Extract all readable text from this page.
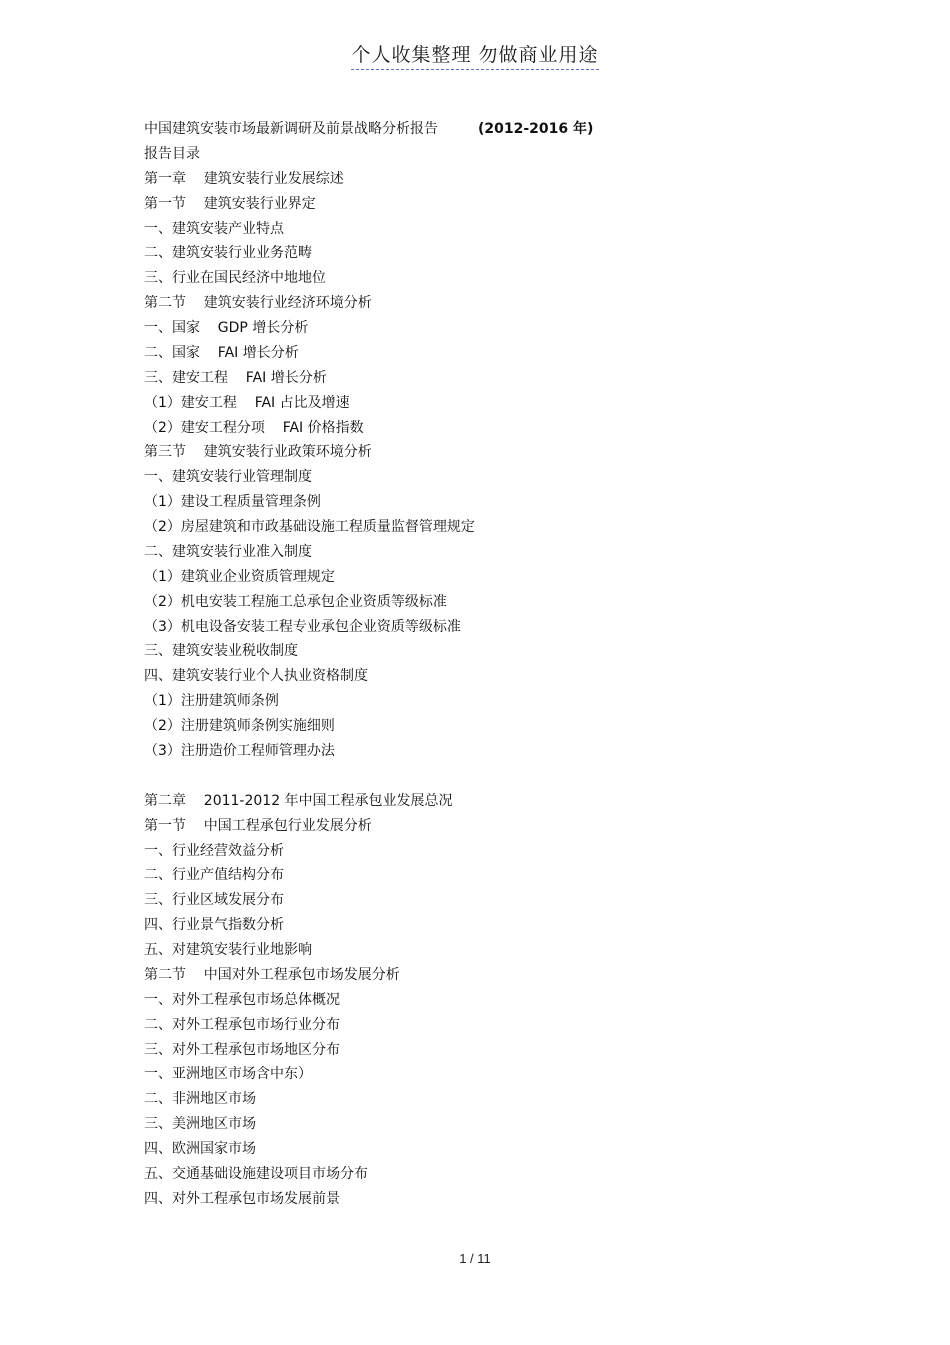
个人收集整理 勿做商业用途
中国建筑安装市场最新调研及前景战略分析报告	(2012-2016 年)
报告目录
第一章    建筑安装行业发展综述
第一节    建筑安装行业界定
一、建筑安装产业特点
二、建筑安装行业业务范畴
三、行业在国民经济中地地位
第二节    建筑安装行业经济环境分析
一、国家    GDP 增长分析
二、国家    FAI 增长分析
三、建安工程    FAI 增长分析
（1）建安工程    FAI 占比及增速
（2）建安工程分项    FAI 价格指数
第三节    建筑安装行业政策环境分析
一、建筑安装行业管理制度
（1）建设工程质量管理条例
（2）房屋建筑和市政基础设施工程质量监督管理规定
二、建筑安装行业准入制度
（1）建筑业企业资质管理规定
（2）机电安装工程施工总承包企业资质等级标准
（3）机电设备安装工程专业承包企业资质等级标准
三、建筑安装业税收制度
四、建筑安装行业个人执业资格制度
（1）注册建筑师条例
（2）注册建筑师条例实施细则
（3）注册造价工程师管理办法
第二章    2011-2012 年中国工程承包业发展总况
第一节    中国工程承包行业发展分析
一、行业经营效益分析
二、行业产值结构分布
三、行业区域发展分布
四、行业景气指数分析
五、对建筑安装行业地影响
第二节    中国对外工程承包市场发展分析
一、对外工程承包市场总体概况
二、对外工程承包市场行业分布
三、对外工程承包市场地区分布
一、亚洲地区市场含中东）
二、非洲地区市场
三、美洲地区市场
四、欧洲国家市场
五、交通基础设施建设项目市场分布
四、对外工程承包市场发展前景
1 / 11
